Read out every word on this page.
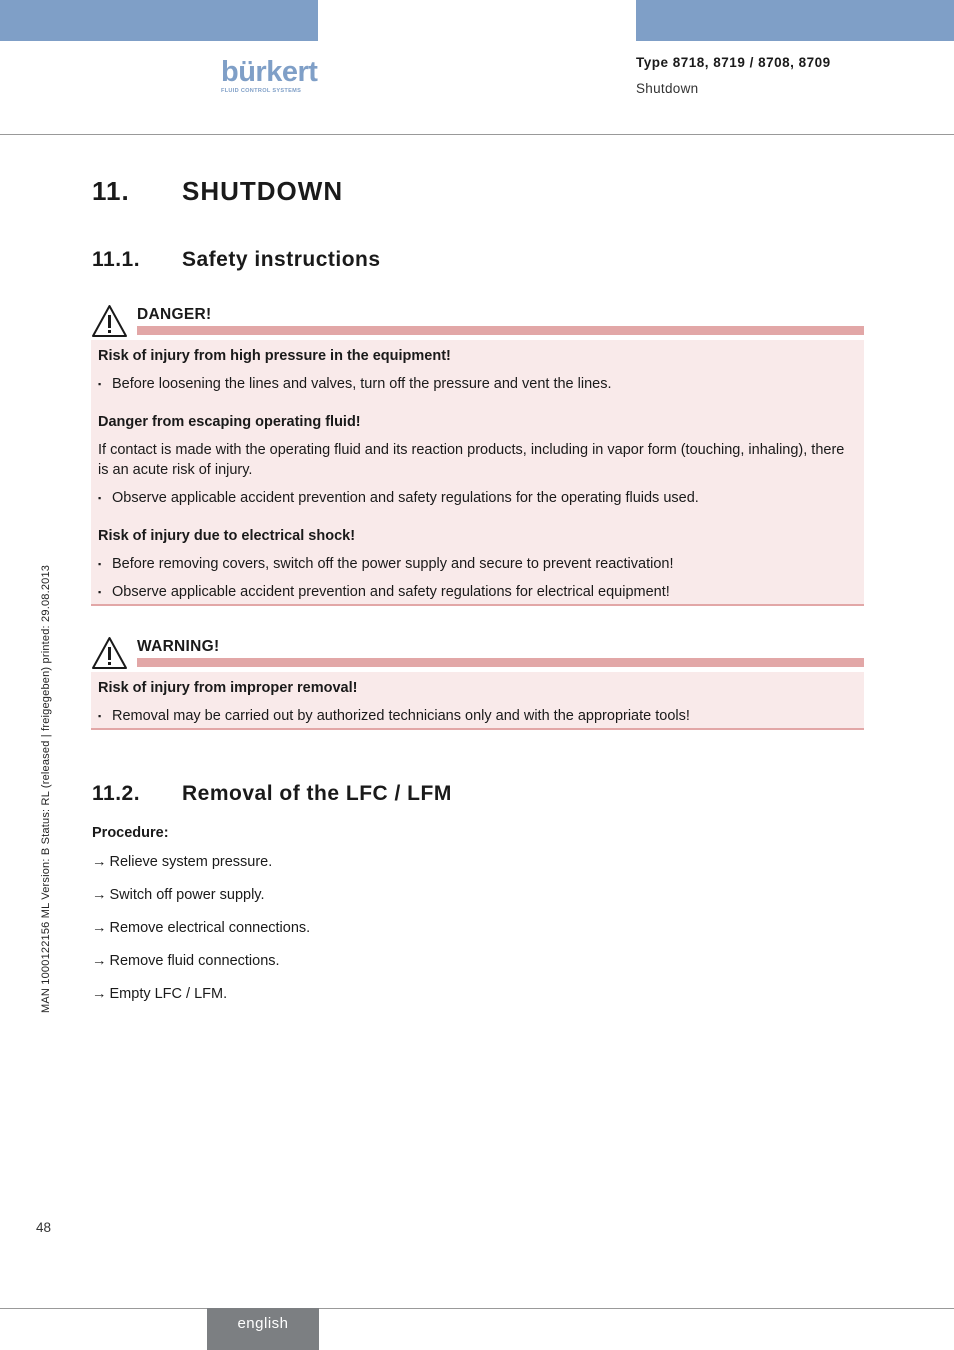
bürkert
FLUID CONTROL SYSTEMS
Type 8718, 8719 / 8708, 8709
Shutdown
MAN 1000122156 ML Version: B Status: RL (released | freigegeben) printed: 29.08.2013
11. SHUTDOWN
11.1. Safety instructions
DANGER!
Risk of injury from high pressure in the equipment!
▪ Before loosening the lines and valves, turn off the pressure and vent the lines.
Danger from escaping operating fluid!

If contact is made with the operating fluid and its reaction products, including in vapor form (touching, inhaling), there is an acute risk of injury.

▪ Observe applicable accident prevention and safety regulations for the operating fluids used.
Risk of injury due to electrical shock!
▪ Before removing covers, switch off the power supply and secure to prevent reactivation!
▪ Observe applicable accident prevention and safety regulations for electrical equipment!
WARNING!
Risk of injury from improper removal!
▪ Removal may be carried out by authorized technicians only and with the appropriate tools!
11.2. Removal of the LFC / LFM
Procedure:
→ Relieve system pressure.
→ Switch off power supply.
→ Remove electrical connections.
→ Remove fluid connections.
→ Empty LFC / LFM.
48
english
